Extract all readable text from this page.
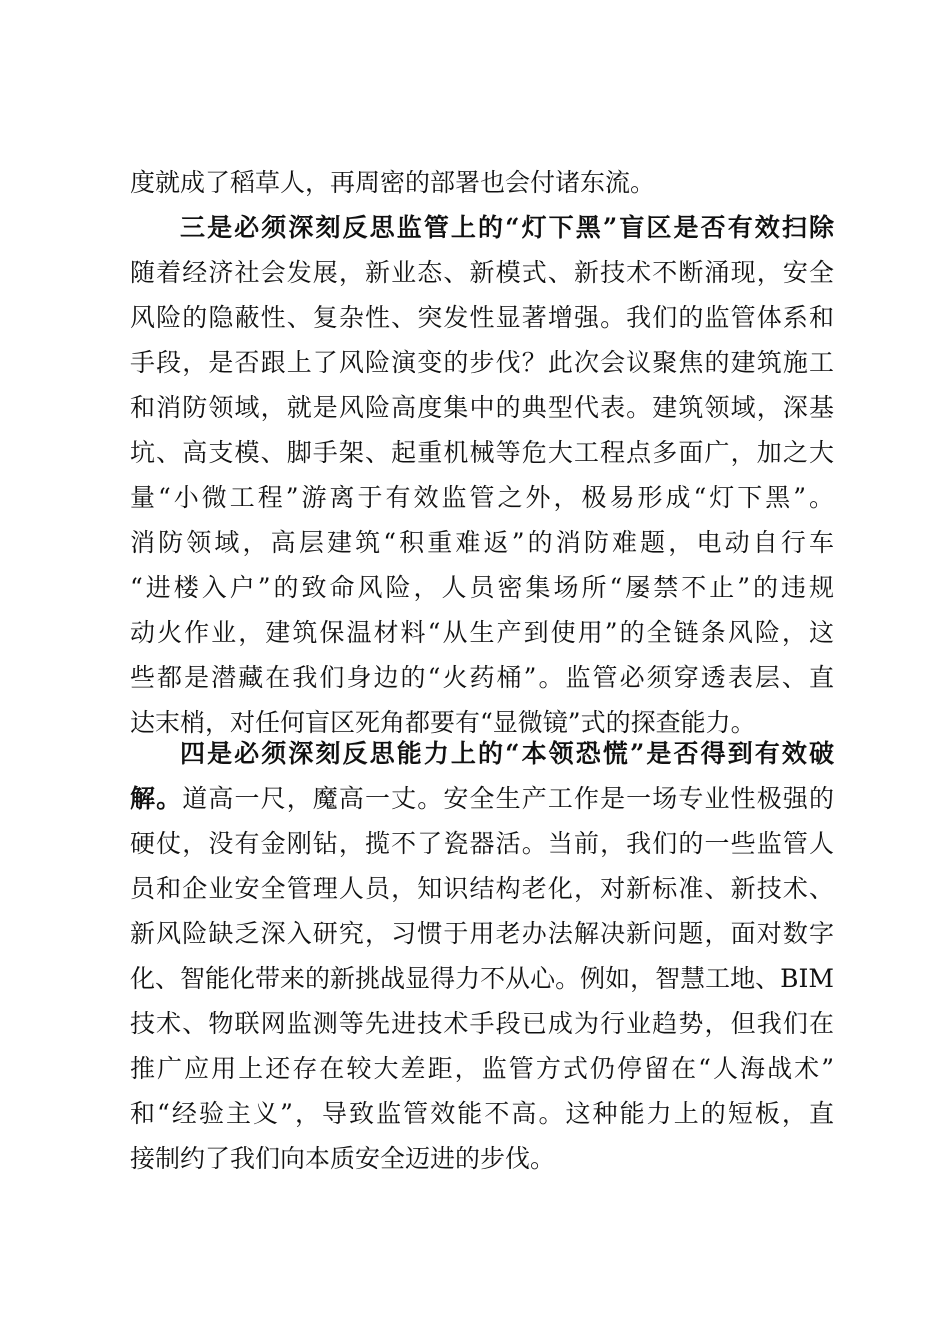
度就成了稻草人，再周密的部署也会付诸东流。
三是必须深刻反思监管上的“灯下黑”盲区是否有效扫除
随着经济社会发展，新业态、新模式、新技术不断涌现，安全
风险的隐蔽性、复杂性、突发性显著增强。我们的监管体系和
手段，是否跟上了风险演变的步伐？此次会议聚焦的建筑施工
和消防领域，就是风险高度集中的典型代表。建筑领域，深基
坑、高支模、脚手架、起重机械等危大工程点多面广，加之大
量“小微工程”游离于有效监管之外，极易形成“灯下黑”。
消防领域，高层建筑“积重难返”的消防难题，电动自行车
“进楼入户”的致命风险，人员密集场所“屡禁不止”的违规
动火作业，建筑保温材料“从生产到使用”的全链条风险，这
些都是潜藏在我们身边的“火药桶”。监管必须穿透表层、直
达末梢，对任何盲区死角都要有“显微镜”式的探查能力。
四是必须深刻反思能力上的“本领恐慌”是否得到有效破
解。道高一尺，魔高一丈。安全生产工作是一场专业性极强的
硬仗，没有金刚钻，揽不了瓷器活。当前，我们的一些监管人
员和企业安全管理人员，知识结构老化，对新标准、新技术、
新风险缺乏深入研究，习惯于用老办法解决新问题，面对数字
化、智能化带来的新挑战显得力不从心。例如，智慧工地、BIM
技术、物联网监测等先进技术手段已成为行业趋势，但我们在
推广应用上还存在较大差距，监管方式仍停留在“人海战术”
和“经验主义”，导致监管效能不高。这种能力上的短板，直
接制约了我们向本质安全迈进的步伐。
